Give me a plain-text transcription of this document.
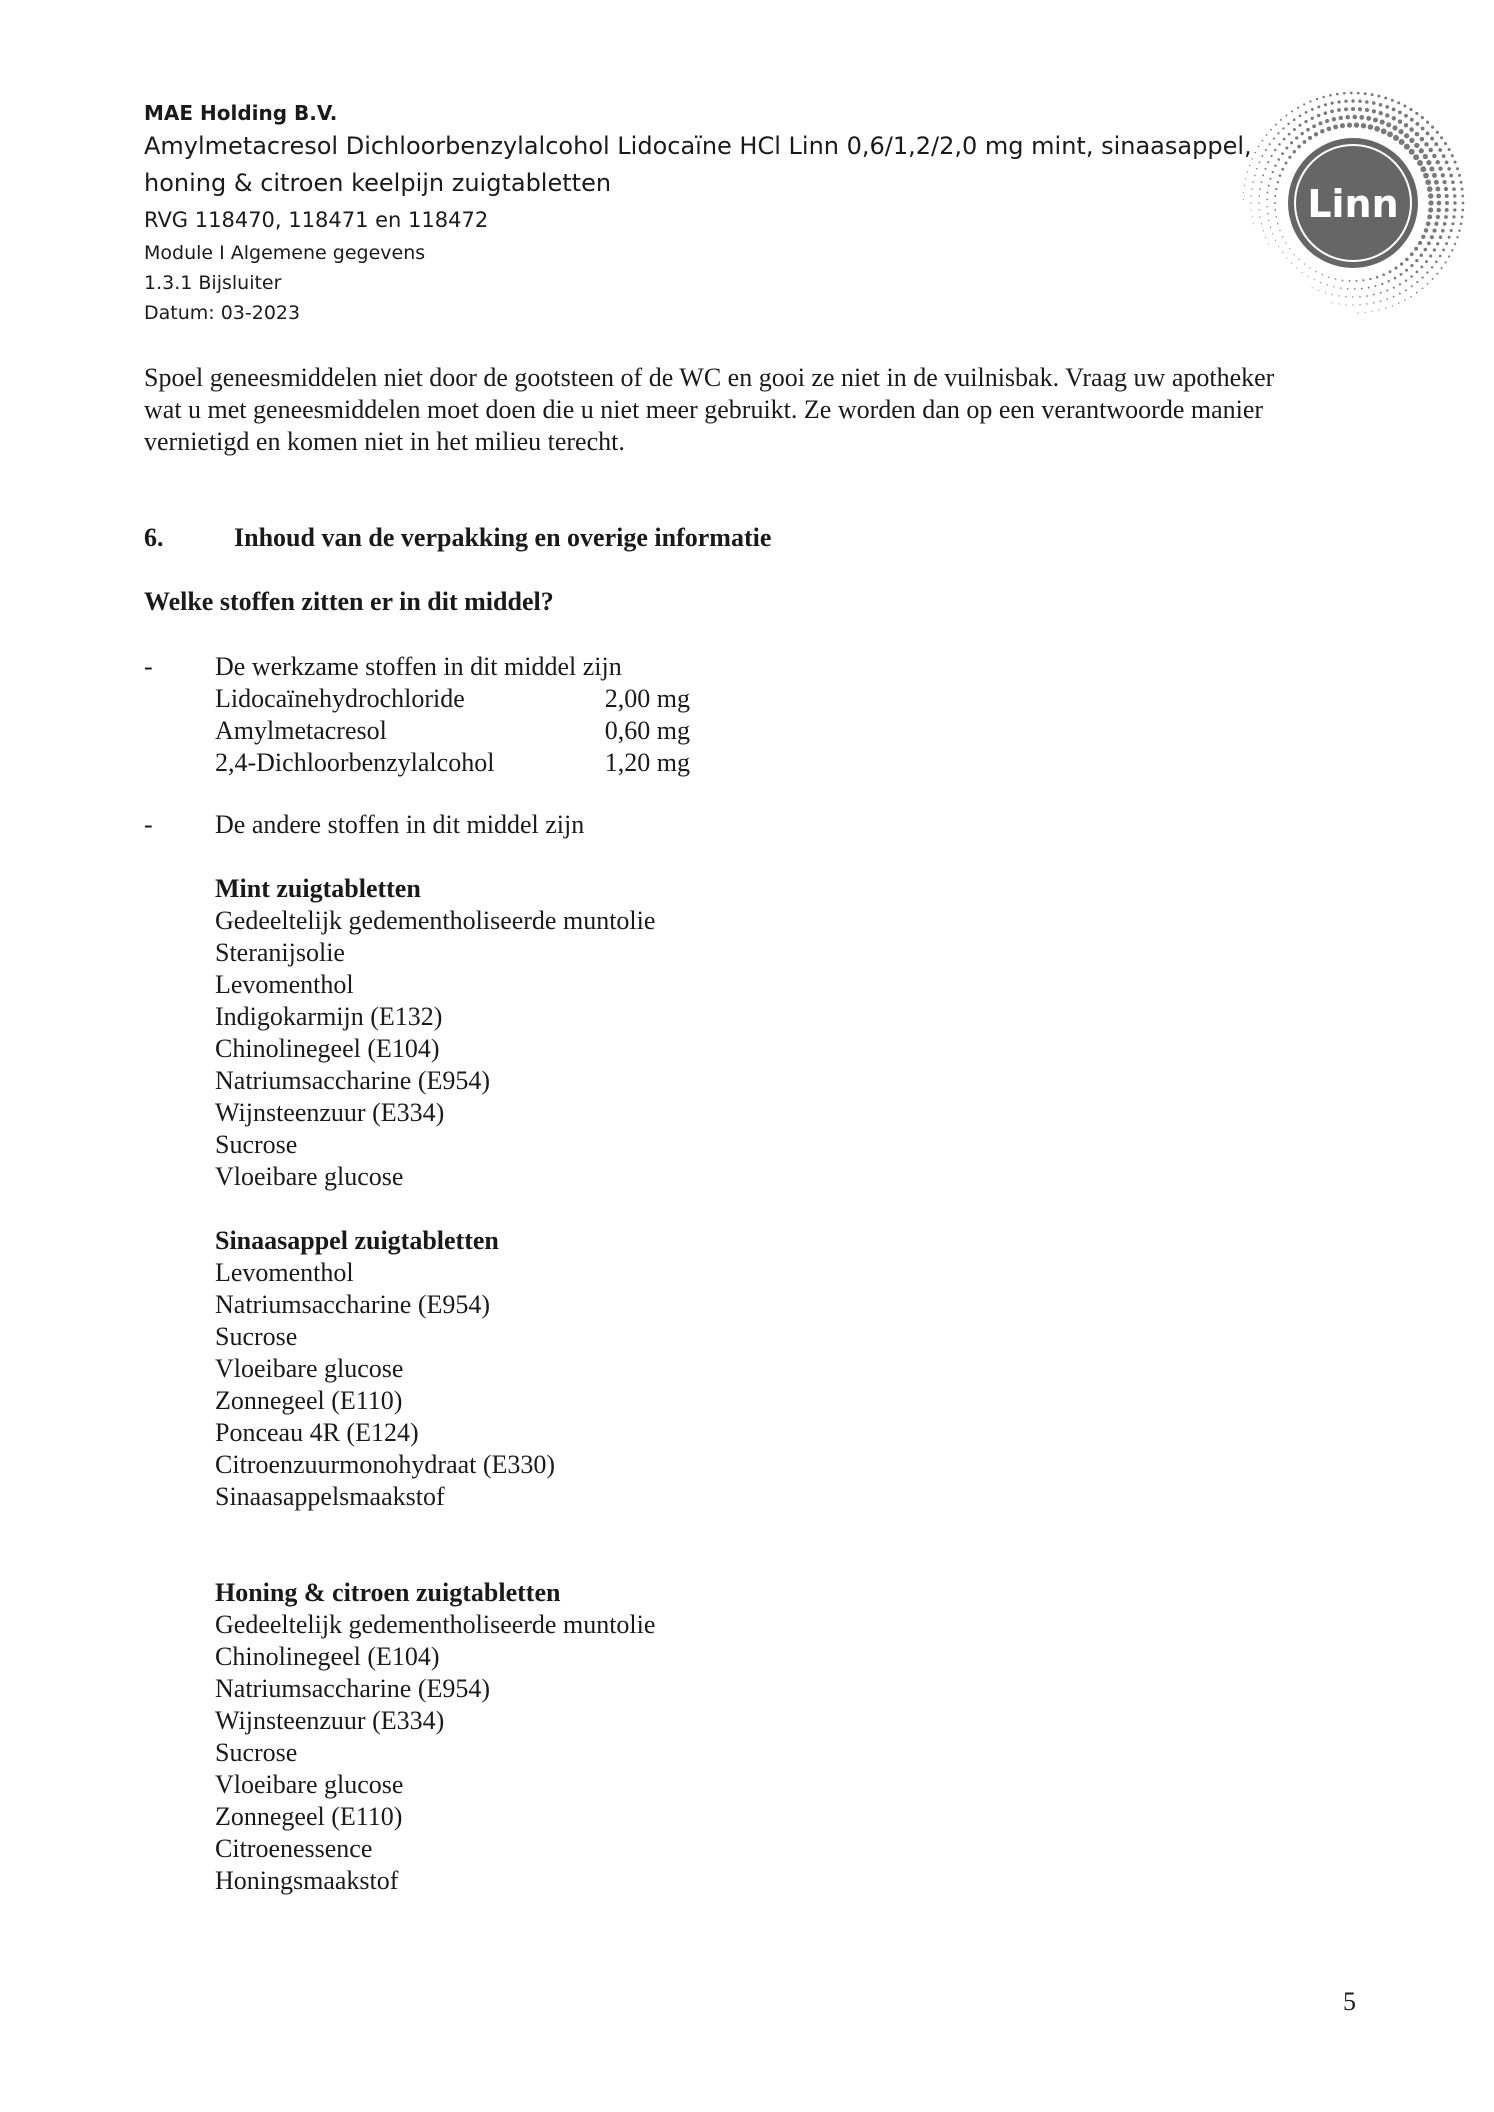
MAE Holding B.V.
Amylmetacresol Dichloorbenzylalcohol Lidocaïne HCl Linn 0,6/1,2/2,0 mg mint, sinaasappel,
honing & citroen keelpijn zuigtabletten
RVG 118470, 118471 en 118472
Module I Algemene gegevens
1.3.1 Bijsluiter
Datum: 03-2023
Linn
Spoel geneesmiddelen niet door de gootsteen of de WC en gooi ze niet in de vuilnisbak. Vraag uw apotheker
wat u met geneesmiddelen moet doen die u niet meer gebruikt. Ze worden dan op een verantwoorde manier
vernietigd en komen niet in het milieu terecht.
6.	Inhoud van de verpakking en overige informatie
Welke stoffen zitten er in dit middel?
- De werkzame stoffen in dit middel zijn
Lidocaïnehydrochloride	2,00 mg
Amylmetacresol	0,60 mg
2,4-Dichloorbenzylalcohol	1,20 mg
- De andere stoffen in dit middel zijn
Mint zuigtabletten
Gedeeltelijk gedementholiseerde muntolie
Steranijsolie
Levomenthol
Indigokarmijn (E132)
Chinolinegeel (E104)
Natriumsaccharine (E954)
Wijnsteenzuur (E334)
Sucrose
Vloeibare glucose
Sinaasappel zuigtabletten
Levomenthol
Natriumsaccharine (E954)
Sucrose
Vloeibare glucose
Zonnegeel (E110)
Ponceau 4R (E124)
Citroenzuurmonohydraat (E330)
Sinaasappelsmaakstof
Honing & citroen zuigtabletten
Gedeeltelijk gedementholiseerde muntolie
Chinolinegeel (E104)
Natriumsaccharine (E954)
Wijnsteenzuur (E334)
Sucrose
Vloeibare glucose
Zonnegeel (E110)
Citroenessence
Honingsmaakstof
5
